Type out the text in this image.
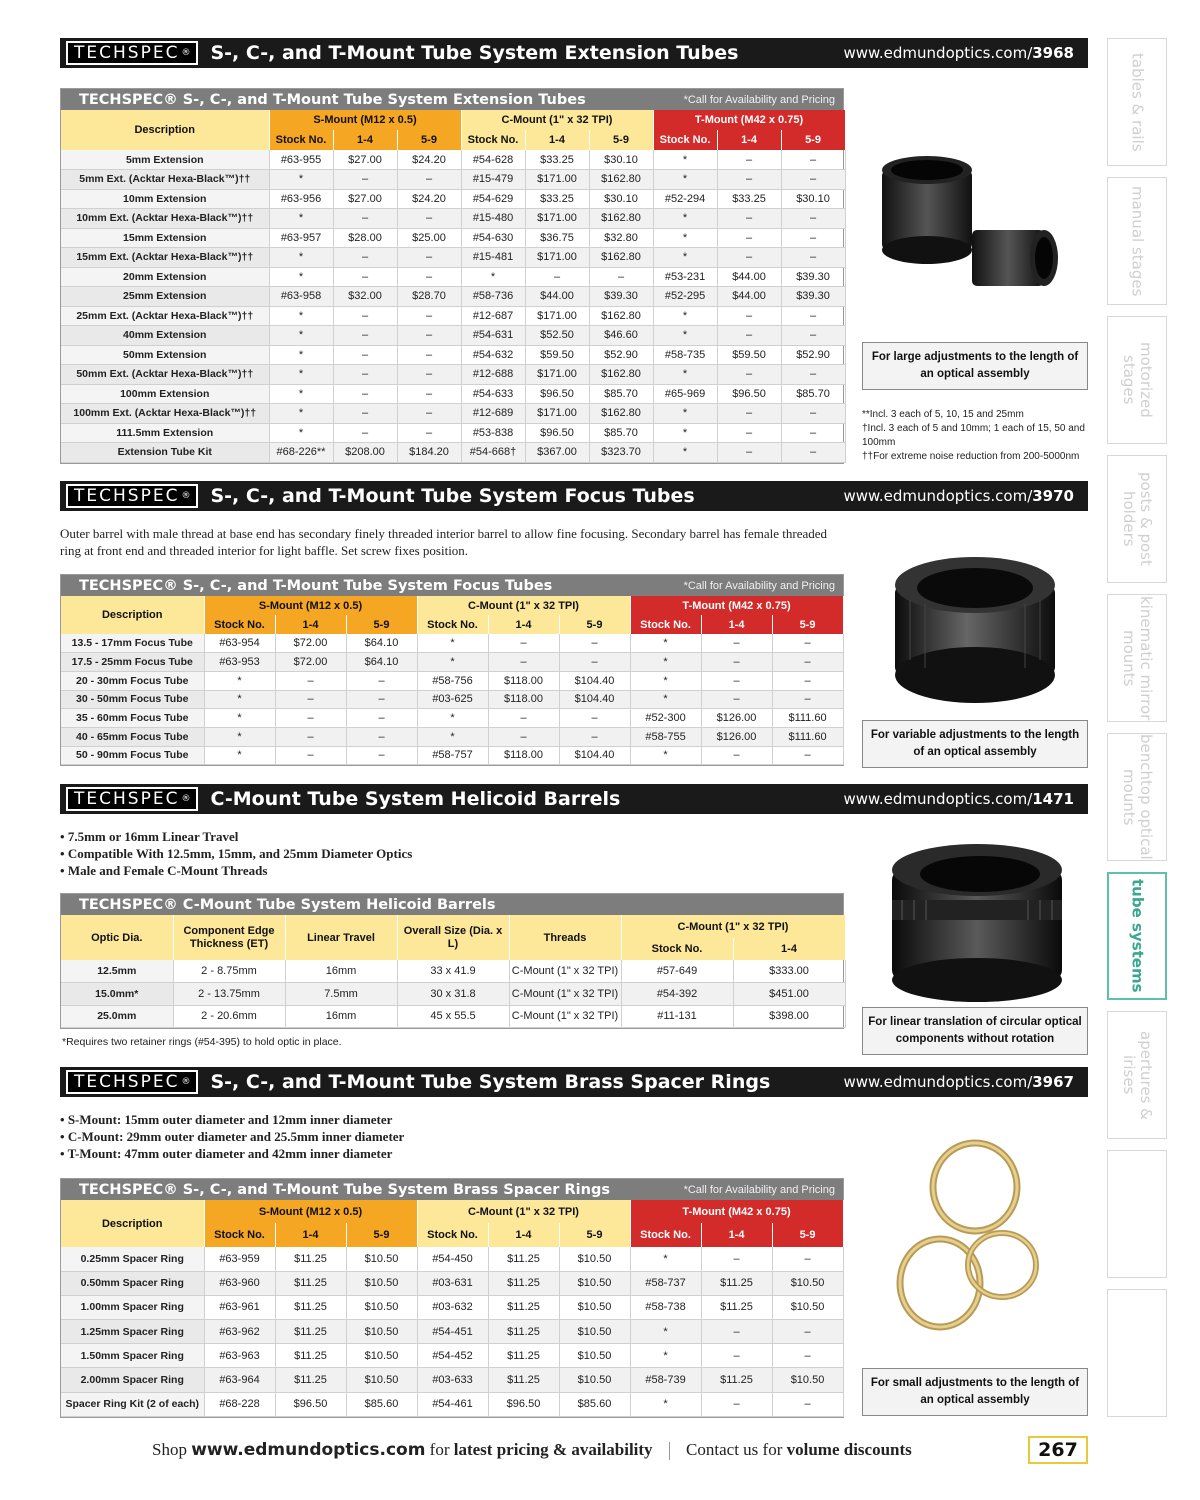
TECHSPEC ® S-, C-, and T-Mount Tube System Extension Tubes	www.edmundoptics.com/3968
TECHSPEC® S-, C-, and T-Mount Tube System Extension Tubes	*Call for Availability and Pricing
Description	S-Mount (M12 x 0.5)			C-Mount (1" x 32 TPI)			T-Mount (M42 x 0.75)		
	Stock No.	1-4	5-9	Stock No.	1-4	5-9	Stock No.	1-4	5-9
5mm Extension	#63-955	$27.00	$24.20	#54-628	$33.25	$30.10	*	–	–
5mm Ext. (Acktar Hexa-Black™)††	*	–	–	#15-479	$171.00	$162.80	*	–	–
10mm Extension	#63-956	$27.00	$24.20	#54-629	$33.25	$30.10	#52-294	$33.25	$30.10
10mm Ext. (Acktar Hexa-Black™)††	*	–	–	#15-480	$171.00	$162.80	*	–	–
15mm Extension	#63-957	$28.00	$25.00	#54-630	$36.75	$32.80	*	–	–
15mm Ext. (Acktar Hexa-Black™)††	*	–	–	#15-481	$171.00	$162.80	*	–	–
20mm Extension	*	–	–	*	–	–	#53-231	$44.00	$39.30
25mm Extension	#63-958	$32.00	$28.70	#58-736	$44.00	$39.30	#52-295	$44.00	$39.30
25mm Ext. (Acktar Hexa-Black™)††	*	–	–	#12-687	$171.00	$162.80	*	–	–
40mm Extension	*	–	–	#54-631	$52.50	$46.60	*	–	–
50mm Extension	*	–	–	#54-632	$59.50	$52.90	#58-735	$59.50	$52.90
50mm Ext. (Acktar Hexa-Black™)††	*	–	–	#12-688	$171.00	$162.80	*	–	–
100mm Extension	*	–	–	#54-633	$96.50	$85.70	#65-969	$96.50	$85.70
100mm Ext. (Acktar Hexa-Black™)††	*	–	–	#12-689	$171.00	$162.80	*	–	–
111.5mm Extension	*	–	–	#53-838	$96.50	$85.70	*	–	–
Extension Tube Kit	#68-226**	$208.00	$184.20	#54-668†	$367.00	$323.70	*	–	–
For large adjustments to the length of an optical assembly
**Incl. 3 each of 5, 10, 15 and 25mm
†Incl. 3 each of 5 and 10mm; 1 each of 15, 50 and 100mm
††For extreme noise reduction from 200-5000nm
TECHSPEC ® S-, C-, and T-Mount Tube System Focus Tubes	www.edmundoptics.com/3970
Outer barrel with male thread at base end has secondary finely threaded interior barrel to allow fine focusing. Secondary barrel has female threaded ring at front end and threaded interior for light baffle. Set screw fixes position.
TECHSPEC® S-, C-, and T-Mount Tube System Focus Tubes	*Call for Availability and Pricing
Description	S-Mount (M12 x 0.5)			C-Mount (1" x 32 TPI)			T-Mount (M42 x 0.75)		
	Stock No.	1-4	5-9	Stock No.	1-4	5-9	Stock No.	1-4	5-9
13.5 - 17mm Focus Tube	#63-954	$72.00	$64.10	*	–	–	*	–	–
17.5 - 25mm Focus Tube	#63-953	$72.00	$64.10	*	–	–	*	–	–
20 - 30mm Focus Tube	*	–	–	#58-756	$118.00	$104.40	*	–	–
30 - 50mm Focus Tube	*	–	–	#03-625	$118.00	$104.40	*	–	–
35 - 60mm Focus Tube	*	–	–	*	–	–	#52-300	$126.00	$111.60
40 - 65mm Focus Tube	*	–	–	*	–	–	#58-755	$126.00	$111.60
50 - 90mm Focus Tube	*	–	–	#58-757	$118.00	$104.40	*	–	–
For variable adjustments to the length of an optical assembly
TECHSPEC ® C-Mount Tube System Helicoid Barrels	www.edmundoptics.com/1471
• 7.5mm or 16mm Linear Travel
• Compatible With 12.5mm, 15mm, and 25mm Diameter Optics
• Male and Female C-Mount Threads
TECHSPEC® C-Mount Tube System Helicoid Barrels
Optic Dia.	Component Edge Thickness (ET)	Linear Travel	Overall Size (Dia. x L)	Threads	C-Mount (1" x 32 TPI)	
					Stock No.	1-4
12.5mm	2 - 8.75mm	16mm	33 x 41.9	C-Mount (1" x 32 TPI)	#57-649	$333.00
15.0mm*	2 - 13.75mm	7.5mm	30 x 31.8	C-Mount (1" x 32 TPI)	#54-392	$451.00
25.0mm	2 - 20.6mm	16mm	45 x 55.5	C-Mount (1" x 32 TPI)	#11-131	$398.00
*Requires two retainer rings (#54-395) to hold optic in place.
For linear translation of circular optical components without rotation
TECHSPEC ® S-, C-, and T-Mount Tube System Brass Spacer Rings	www.edmundoptics.com/3967
• S-Mount: 15mm outer diameter and 12mm inner diameter
• C-Mount: 29mm outer diameter and 25.5mm inner diameter
• T-Mount: 47mm outer diameter and 42mm inner diameter
TECHSPEC® S-, C-, and T-Mount Tube System Brass Spacer Rings	*Call for Availability and Pricing
Description	S-Mount (M12 x 0.5)			C-Mount (1" x 32 TPI)			T-Mount (M42 x 0.75)		
	Stock No.	1-4	5-9	Stock No.	1-4	5-9	Stock No.	1-4	5-9
0.25mm Spacer Ring	#63-959	$11.25	$10.50	#54-450	$11.25	$10.50	*	–	–
0.50mm Spacer Ring	#63-960	$11.25	$10.50	#03-631	$11.25	$10.50	#58-737	$11.25	$10.50
1.00mm Spacer Ring	#63-961	$11.25	$10.50	#03-632	$11.25	$10.50	#58-738	$11.25	$10.50
1.25mm Spacer Ring	#63-962	$11.25	$10.50	#54-451	$11.25	$10.50	*	–	–
1.50mm Spacer Ring	#63-963	$11.25	$10.50	#54-452	$11.25	$10.50	*	–	–
2.00mm Spacer Ring	#63-964	$11.25	$10.50	#03-633	$11.25	$10.50	#58-739	$11.25	$10.50
Spacer Ring Kit (2 of each)	#68-228	$96.50	$85.60	#54-461	$96.50	$85.60	*	–	–
For small adjustments to the length of an optical assembly
tables & rails
manual stages
motorized stages
posts & post holders
kinematic mirror mounts
benchtop optical mounts
tube systems
apertures & irises
Shop www.edmundoptics.com for latest pricing & availability Contact us for volume discounts	267
